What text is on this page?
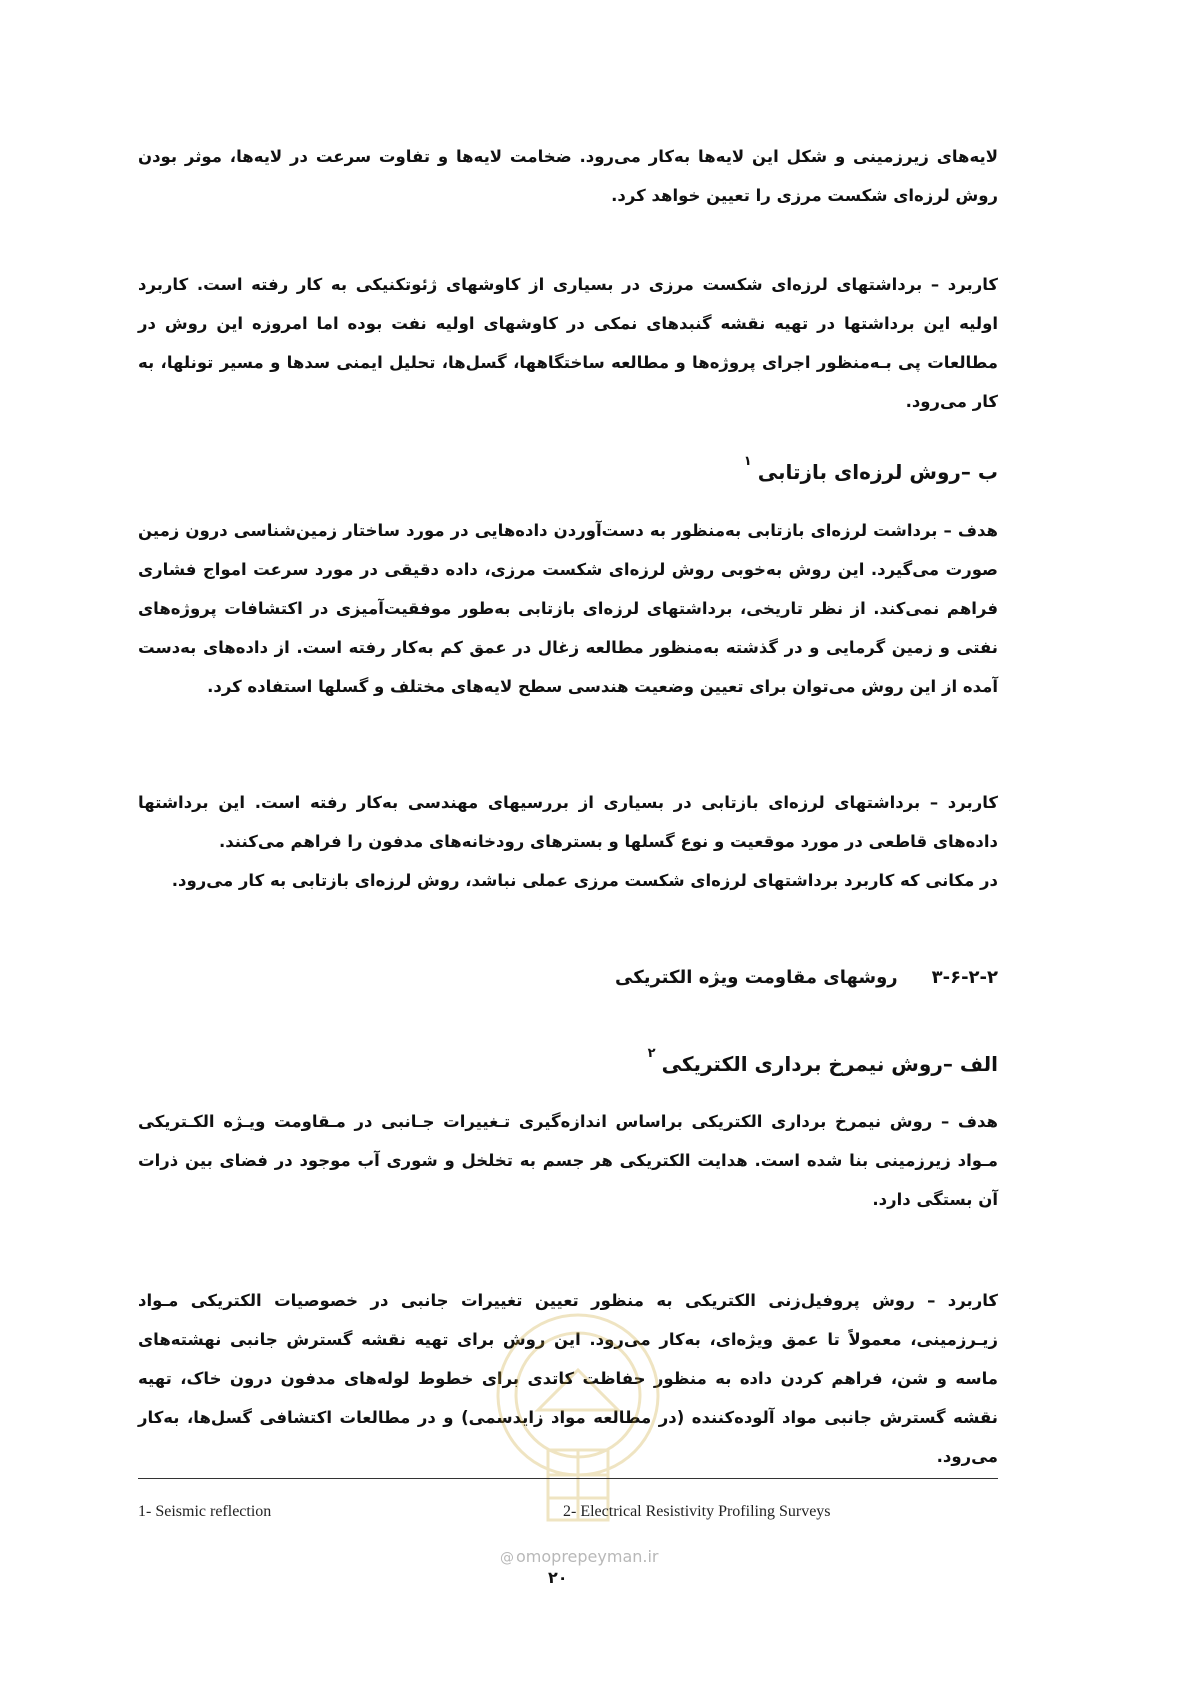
لایه‌های زیرزمینی و شکل این لایه‌ها به‌کار می‌رود. ضخامت لایه‌ها و تفاوت سرعت در لایه‌ها، موثر بودن روش لرزه‌ای شکست مرزی را تعیین خواهد کرد.

کاربرد – برداشتهای لرزه‌ای شکست مرزی در بسیاری از کاوشهای ژئوتکنیکی به کار رفته است. کاربرد اولیه این برداشتها در تهیه نقشه گنبدهای نمکی در کاوشهای اولیه نفت بوده اما امروزه این روش در مطالعات پی بـه‌منظور اجرای پروژه‌ها و مطالعه ساختگاهها، گسل‌ها، تحلیل ایمنی سدها و مسیر تونلها، به کار می‌رود.

ب –روش لرزه‌ای بازتابی$^۱$

هدف – برداشت لرزه‌ای بازتابی به‌منظور به دست‌آوردن داده‌هایی در مورد ساختار زمین‌شناسی درون زمین صورت می‌گیرد. این روش به‌خوبی روش لرزه‌ای شکست مرزی، داده دقیقی در مورد سرعت امواج فشاری فراهم نمی‌کند. از نظر تاریخی، برداشتهای لرزه‌ای بازتابی به‌طور موفقیت‌آمیزی در اکتشافات پروژه‌های نفتی و زمین گرمایی و در گذشته به‌منظور مطالعه زغال در عمق کم به‌کار رفته است. از داده‌های به‌دست آمده از این روش می‌توان برای تعیین وضعیت هندسی سطح لایه‌های مختلف و گسلها استفاده کرد.

کاربرد – برداشتهای لرزه‌ای بازتابی در بسیاری از بررسیهای مهندسی به‌کار رفته است. این برداشتها داده‌های قاطعی در مورد موقعیت و نوع گسلها و بسترهای رودخانه‌های مدفون را فراهم می‌کنند.

در مکانی که کاربرد برداشتهای لرزه‌ای شکست مرزی عملی نباشد، روش لرزه‌ای بازتابی به کار می‌رود.

۳-۶-۲-۲روشهای مقاومت ویژه الکتریکی
الف –روش نیمرخ برداری الکتریکی$^۲$

هدف – روش نیمرخ برداری الکتریکی براساس اندازه‌گیری تـغییرات جـانبی در مـقاومت ویـژه الکـتریکی مـواد زیرزمینی بنا شده است. هدایت الکتریکی هر جسم به تخلخل و شوری آب موجود در فضای بین ذرات آن بستگی دارد.

کاربرد – روش پروفیل‌زنی الکتریکی به منظور تعیین تغییرات جانبی در خصوصیات الکتریکی مـواد زیـرزمینی، معمولاً تا عمق ویژه‌ای، به‌کار می‌رود. این روش برای تهیه نقشه گسترش جانبی نهشته‌های ماسه و شن، فراهم کردن داده به منظور حفاظت کاتدی برای خطوط لوله‌های مدفون درون خاک، تهیه نقشه گسترش جانبی مواد آلوده‌کننده (در مطالعه مواد زایدسمی) و در مطالعات اکتشافی گسل‌ها، به‌کار می‌رود.

1- Seismic reflection	2- Electrical Resistivity Profiling Surveys
@ omoprepeyman.ir
۲۰
